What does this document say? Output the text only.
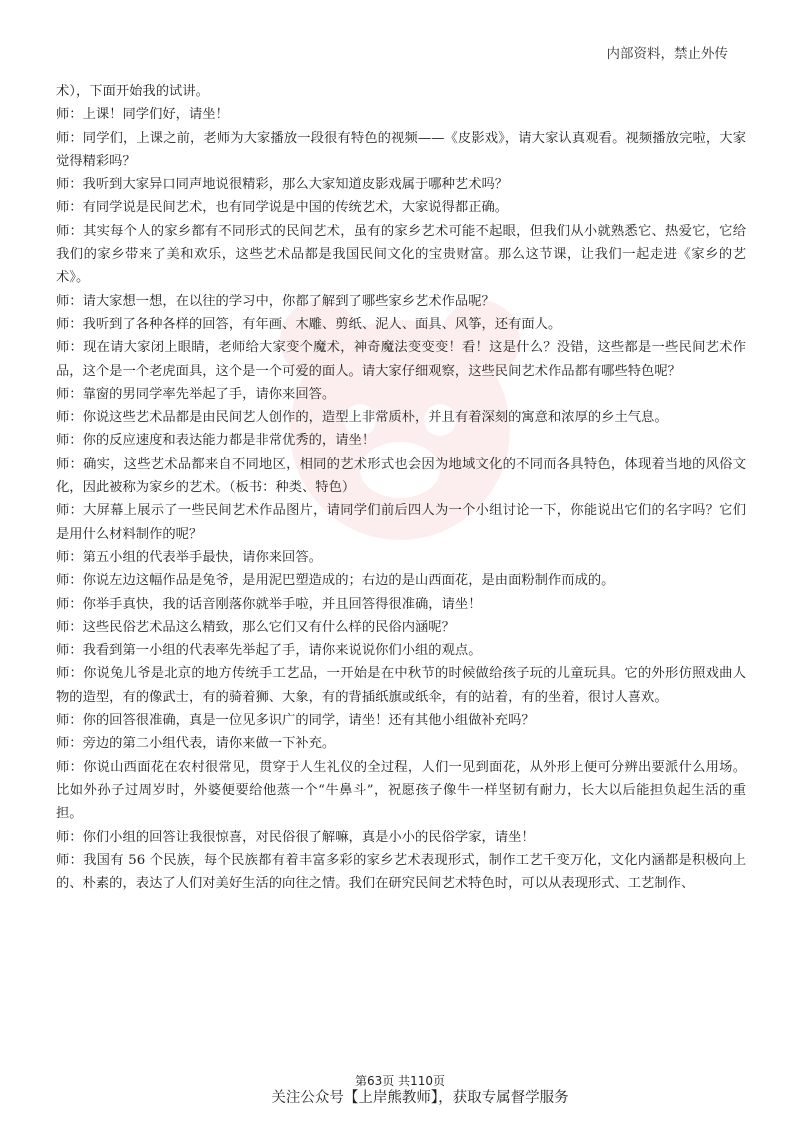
内部资料，禁止外传

术），下面开始我的试讲。

师：上课！同学们好，请坐！

师：同学们，上课之前，老师为大家播放一段很有特色的视频——《皮影戏》，请大家认真观看。视频播放完啦，大家觉得精彩吗？

师：我听到大家异口同声地说很精彩，那么大家知道皮影戏属于哪种艺术吗？

师：有同学说是民间艺术，也有同学说是中国的传统艺术，大家说得都正确。

师：其实每个人的家乡都有不同形式的民间艺术，虽有的家乡艺术可能不起眼，但我们从小就熟悉它、热爱它，它给我们的家乡带来了美和欢乐，这些艺术品都是我国民间文化的宝贵财富。那么这节课，让我们一起走进《家乡的艺术》。

师：请大家想一想，在以往的学习中，你都了解到了哪些家乡艺术作品呢？

师：我听到了各种各样的回答，有年画、木雕、剪纸、泥人、面具、风筝，还有面人。

师：现在请大家闭上眼睛，老师给大家变个魔术，神奇魔法变变变！看！这是什么？没错，这些都是一些民间艺术作品，这个是一个老虎面具，这个是一个可爱的面人。请大家仔细观察，这些民间艺术作品都有哪些特色呢？

师：靠窗的男同学率先举起了手，请你来回答。

师：你说这些艺术品都是由民间艺人创作的，造型上非常质朴，并且有着深刻的寓意和浓厚的乡土气息。

师：你的反应速度和表达能力都是非常优秀的，请坐！

师：确实，这些艺术品都来自不同地区，相同的艺术形式也会因为地域文化的不同而各具特色，体现着当地的风俗文化，因此被称为家乡的艺术。（板书：种类、特色）

师：大屏幕上展示了一些民间艺术作品图片，请同学们前后四人为一个小组讨论一下，你能说出它们的名字吗？它们是用什么材料制作的呢？

师：第五小组的代表举手最快，请你来回答。

师：你说左边这幅作品是兔爷，是用泥巴塑造成的；右边的是山西面花，是由面粉制作而成的。

师：你举手真快，我的话音刚落你就举手啦，并且回答得很准确，请坐！

师：这些民俗艺术品这么精致，那么它们又有什么样的民俗内涵呢？

师：我看到第一小组的代表率先举起了手，请你来说说你们小组的观点。

师：你说兔儿爷是北京的地方传统手工艺品，一开始是在中秋节的时候做给孩子玩的儿童玩具。它的外形仿照戏曲人物的造型，有的像武士，有的骑着狮、大象，有的背插纸旗或纸伞，有的站着，有的坐着，很讨人喜欢。

师：你的回答很准确，真是一位见多识广的同学，请坐！还有其他小组做补充吗？

师：旁边的第二小组代表，请你来做一下补充。

师：你说山西面花在农村很常见，贯穿于人生礼仪的全过程，人们一见到面花，从外形上便可分辨出要派什么用场。比如外孙子过周岁时，外婆便要给他蒸一个“牛鼻斗”，祝愿孩子像牛一样坚韧有耐力，长大以后能担负起生活的重担。

师：你们小组的回答让我很惊喜，对民俗很了解嘛，真是小小的民俗学家，请坐！

师：我国有 56 个民族，每个民族都有着丰富多彩的家乡艺术表现形式，制作工艺千变万化，文化内涵都是积极向上的、朴素的，表达了人们对美好生活的向往之情。我们在研究民间艺术特色时，可以从表现形式、工艺制作、

第63页 共110页
关注公众号【上岸熊教师】，获取专属督学服务
